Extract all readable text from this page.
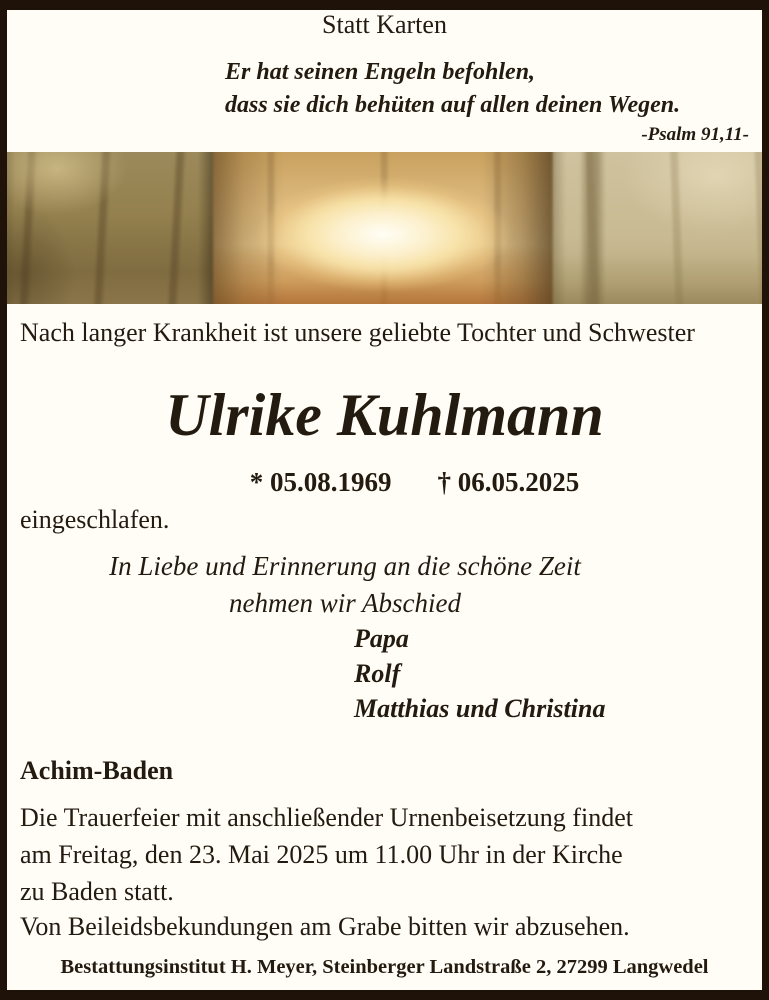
Statt Karten
Er hat seinen Engeln befohlen,
dass sie dich behüten auf allen deinen Wegen.
-Psalm 91,11-
Nach langer Krankheit ist unsere geliebte Tochter und Schwester
Ulrike Kuhlmann
* 05.08.1969 † 06.05.2025
eingeschlafen.
In Liebe und Erinnerung an die schöne Zeit
nehmen wir Abschied
Papa
Rolf
Matthias und Christina
Achim-Baden
Die Trauerfeier mit anschließender Urnenbeisetzung findet
am Freitag, den 23. Mai 2025 um 11.00 Uhr in der Kirche
zu Baden statt.
Von Beileidsbekundungen am Grabe bitten wir abzusehen.
Bestattungsinstitut H. Meyer, Steinberger Landstraße 2, 27299 Langwedel
